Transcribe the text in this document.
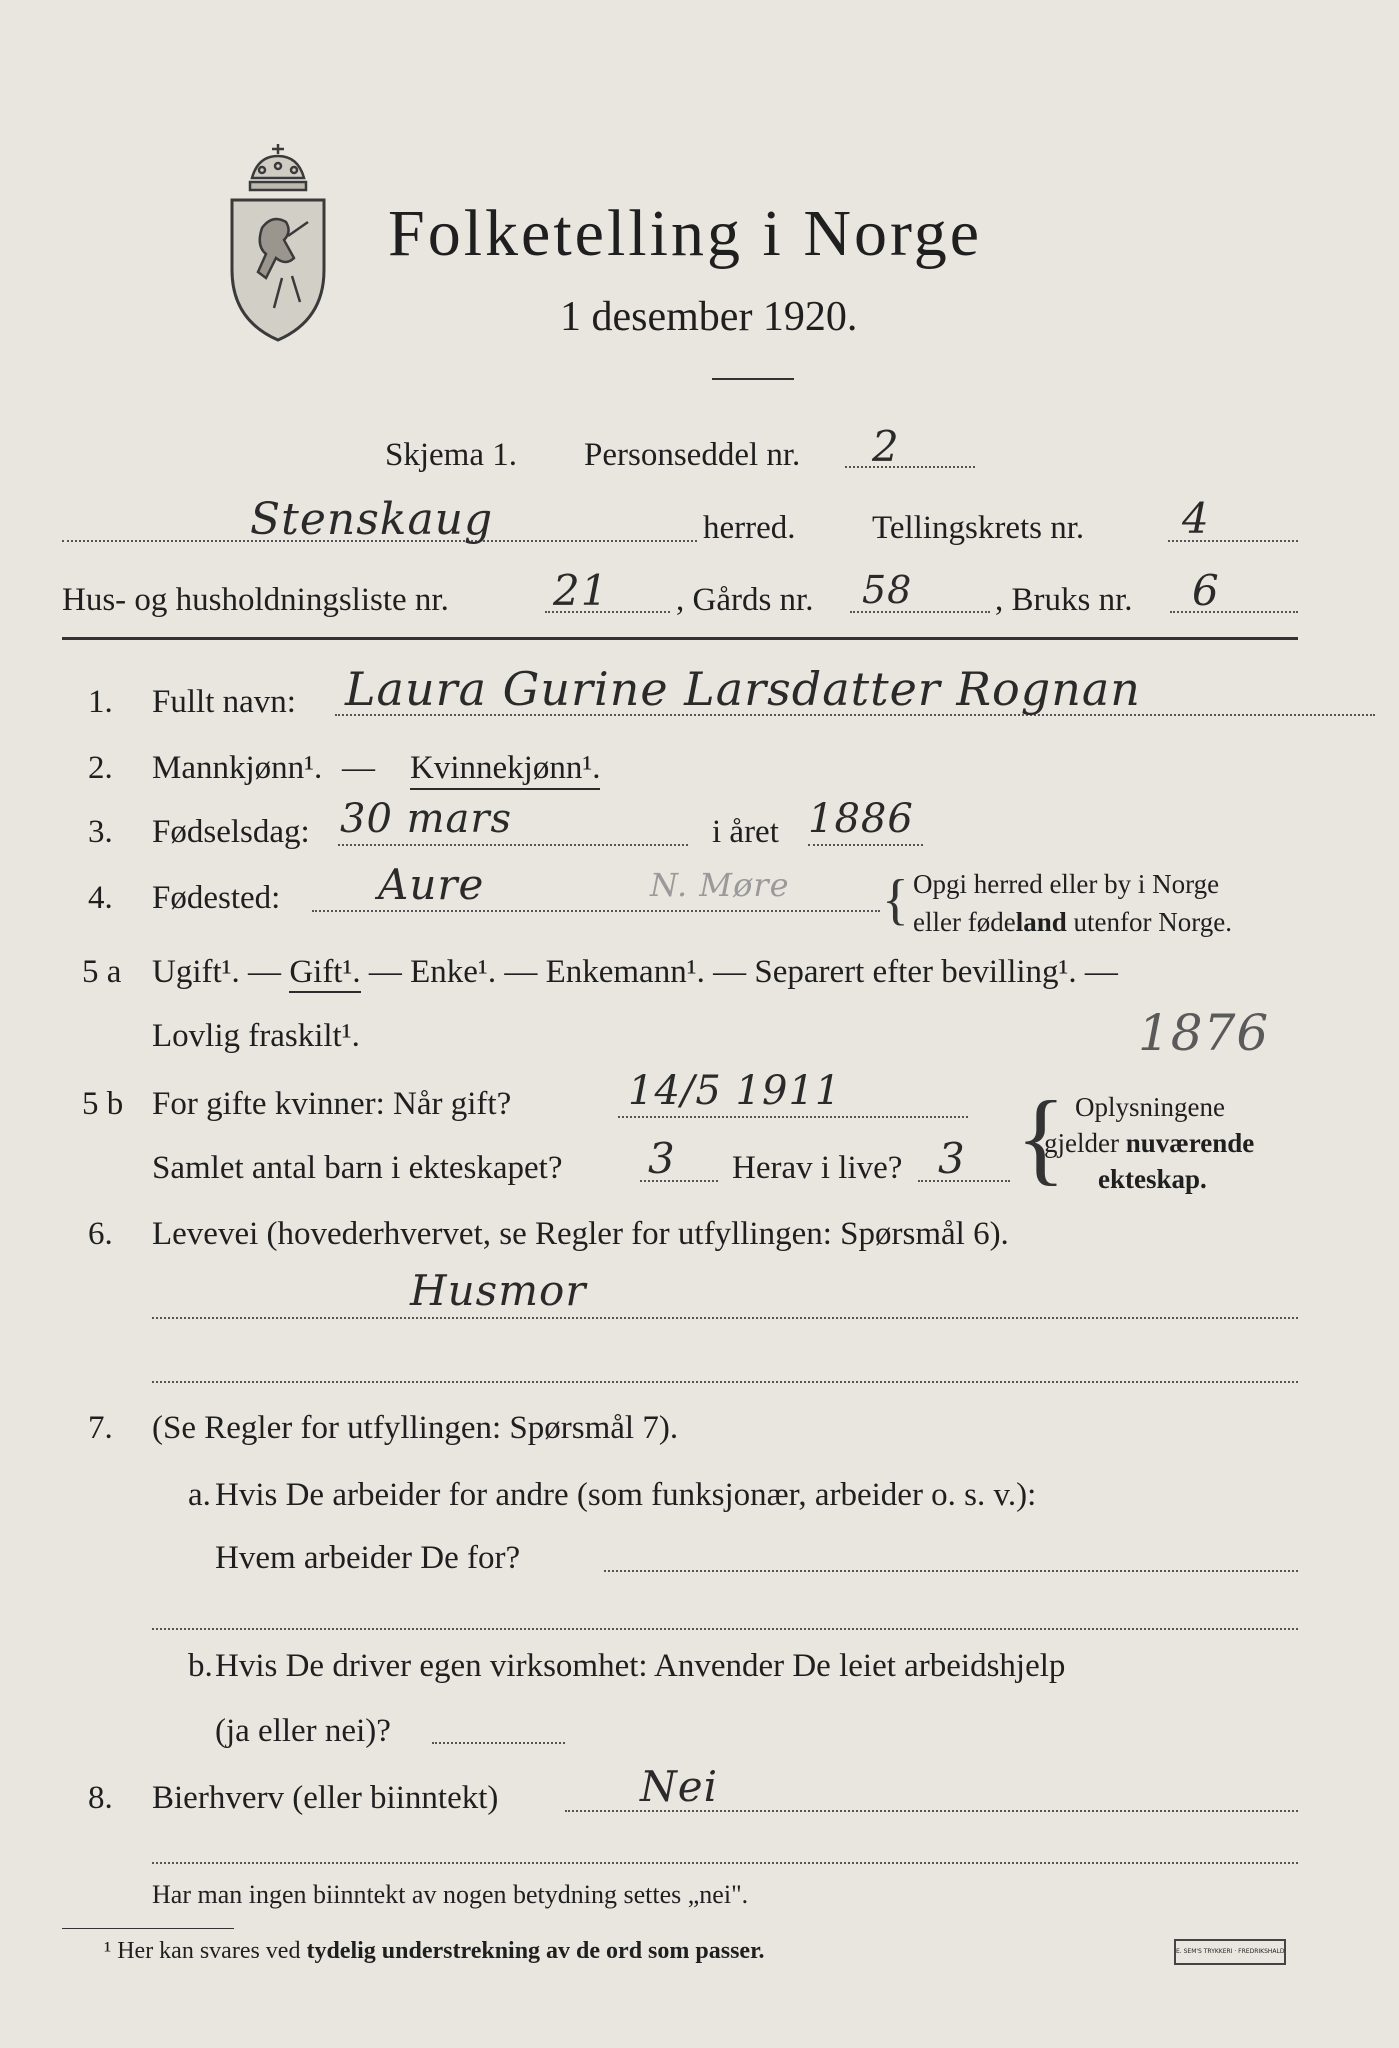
Folketelling i Norge
1 desember 1920.
Skjema 1. Personseddel nr. 2
Stenskaug	herred. Tellingskrets nr. 4
Hus- og husholdningsliste nr. 21 , Gårds nr. 58	, Bruks nr. 6
1. Fullt navn: Laura Gurine Larsdatter Rognan
2. Mannkjønn¹. — Kvinnekjønn¹.
3. Fødselsdag: 30 mars	i året 1886
4. Fødested: Aure	N. Møre { Opgi herred eller by i Norge
eller fødeland utenfor Norge.
5 a Ugift¹. — Gift¹. — Enke¹. — Enkemann¹. — Separert efter bevilling¹. —
Lovlig fraskilt¹.	1876
5 b For gifte kvinner: Når gift?	14/5 1911
Samlet antal barn i ekteskapet? 3 Herav i live? 3 { Oplysningene
gjelder nuværende
ekteskap.
6. Levevei (hovederhvervet, se Regler for utfyllingen: Spørsmål 6).
Husmor
7. (Se Regler for utfyllingen: Spørsmål 7).
a. Hvis De arbeider for andre (som funksjonær, arbeider o. s. v.):
Hvem arbeider De for?
b. Hvis De driver egen virksomhet: Anvender De leiet arbeidshjelp
(ja eller nei)?
8. Bierhverv (eller biinntekt)	Nei
Har man ingen biinntekt av nogen betydning settes „nei".
¹ Her kan svares ved tydelig understrekning av de ord som passer.	E. SEM'S TRYKKERI · FREDRIKSHALD
